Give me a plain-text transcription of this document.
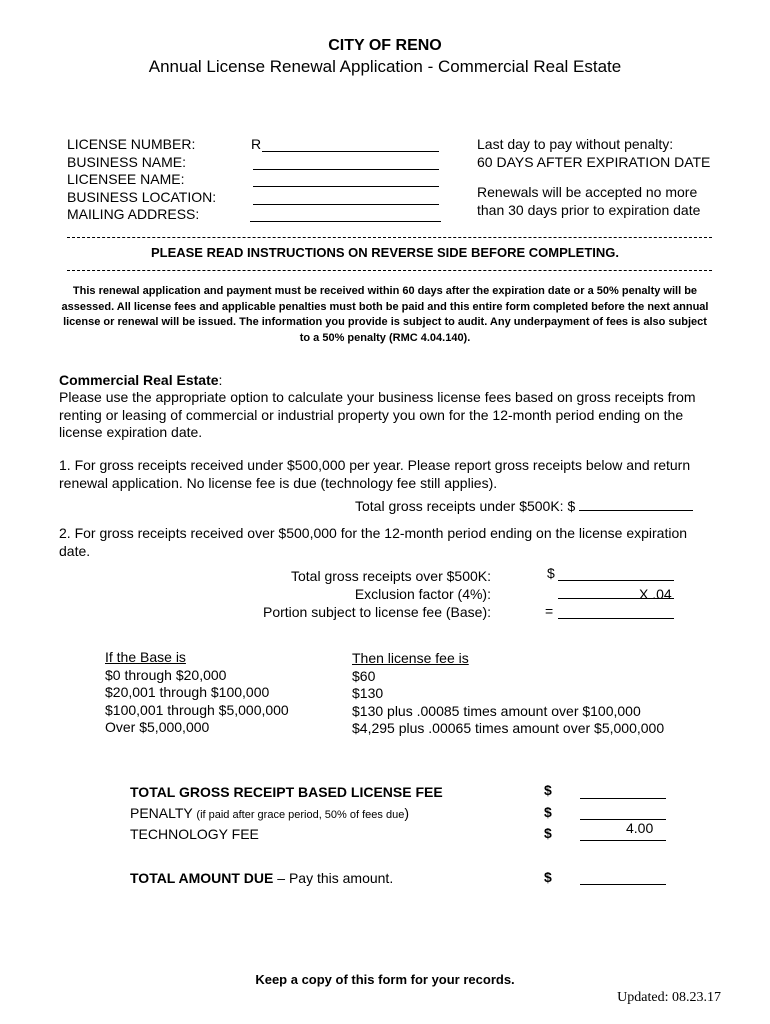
CITY OF RENO
Annual License Renewal Application - Commercial Real Estate
LICENSE NUMBER:
BUSINESS NAME:
LICENSEE NAME:
BUSINESS LOCATION:
MAILING ADDRESS:
R	Last day to pay without penalty:
60 DAYS AFTER EXPIRATION DATE
Renewals will be accepted no more
than 30 days prior to expiration date
PLEASE READ INSTRUCTIONS ON REVERSE SIDE BEFORE COMPLETING.
This renewal application and payment must be received within 60 days after the expiration date or a 50% penalty will be assessed. All license fees and applicable penalties must both be paid and this entire form completed before the next annual license or renewal will be issued. The information you provide is subject to audit. Any underpayment of fees is also subject to a 50% penalty (RMC 4.04.140).
Commercial Real Estate:
Please use the appropriate option to calculate your business license fees based on gross receipts from renting or leasing of commercial or industrial property you own for the 12-month period ending on the license expiration date.
1. For gross receipts received under $500,000 per year. Please report gross receipts below and return renewal application. No license fee is due (technology fee still applies).
Total gross receipts under $500K: $
2. For gross receipts received over $500,000 for the 12-month period ending on the license expiration date.
Total gross receipts over $500K:
Exclusion factor (4%):
Portion subject to license fee (Base):
$
X .04
=
If the Base is
$0 through $20,000
$20,001 through $100,000
$100,001 through $5,000,000
Over $5,000,000
Then license fee is
$60
$130
$130 plus .00085 times amount over $100,000
$4,295 plus .00065 times amount over $5,000,000
TOTAL GROSS RECEIPT BASED LICENSE FEE
PENALTY (if paid after grace period, 50% of fees due)
TECHNOLOGY FEE
TOTAL AMOUNT DUE – Pay this amount.
$
$
$
$
4.00
Keep a copy of this form for your records.
Updated: 08.23.17
